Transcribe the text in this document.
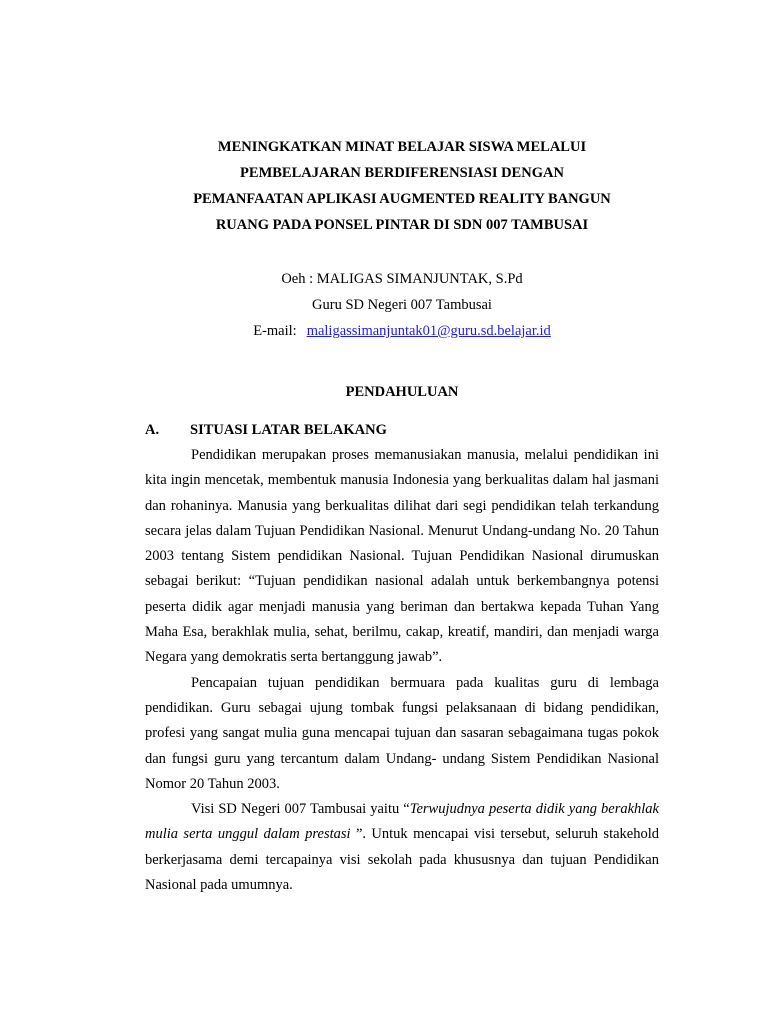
MENINGKATKAN MINAT BELAJAR SISWA MELALUI
PEMBELAJARAN BERDIFERENSIASI DENGAN
PEMANFAATAN APLIKASI AUGMENTED REALITY BANGUN
RUANG PADA PONSEL PINTAR DI SDN 007 TAMBUSAI
Oeh : MALIGAS SIMANJUNTAK, S.Pd
Guru SD Negeri 007 Tambusai
E-mail: maligassimanjuntak01@guru.sd.belajar.id
PENDAHULUAN
A. SITUASI LATAR BELAKANG

Pendidikan merupakan proses memanusiakan manusia, melalui pendidikan ini kita ingin mencetak, membentuk manusia Indonesia yang berkualitas dalam hal jasmani dan rohaninya. Manusia yang berkualitas dilihat dari segi pendidikan telah terkandung secara jelas dalam Tujuan Pendidikan Nasional. Menurut Undang-undang No. 20 Tahun 2003 tentang Sistem pendidikan Nasional. Tujuan Pendidikan Nasional dirumuskan sebagai berikut: “Tujuan pendidikan nasional adalah untuk berkembangnya potensi peserta didik agar menjadi manusia yang beriman dan bertakwa kepada Tuhan Yang Maha Esa, berakhlak mulia, sehat, berilmu, cakap, kreatif, mandiri, dan menjadi warga Negara yang demokratis serta bertanggung jawab”.

Pencapaian tujuan pendidikan bermuara pada kualitas guru di lembaga pendidikan. Guru sebagai ujung tombak fungsi pelaksanaan di bidang pendidikan, profesi yang sangat mulia guna mencapai tujuan dan sasaran sebagaimana tugas pokok dan fungsi guru yang tercantum dalam Undang- undang Sistem Pendidikan Nasional Nomor 20 Tahun 2003.

Visi SD Negeri 007 Tambusai yaitu “Terwujudnya peserta didik yang berakhlak mulia serta unggul dalam prestasi ”. Untuk mencapai visi tersebut, seluruh stakehold berkerjasama demi tercapainya visi sekolah pada khususnya dan tujuan Pendidikan Nasional pada umumnya.
